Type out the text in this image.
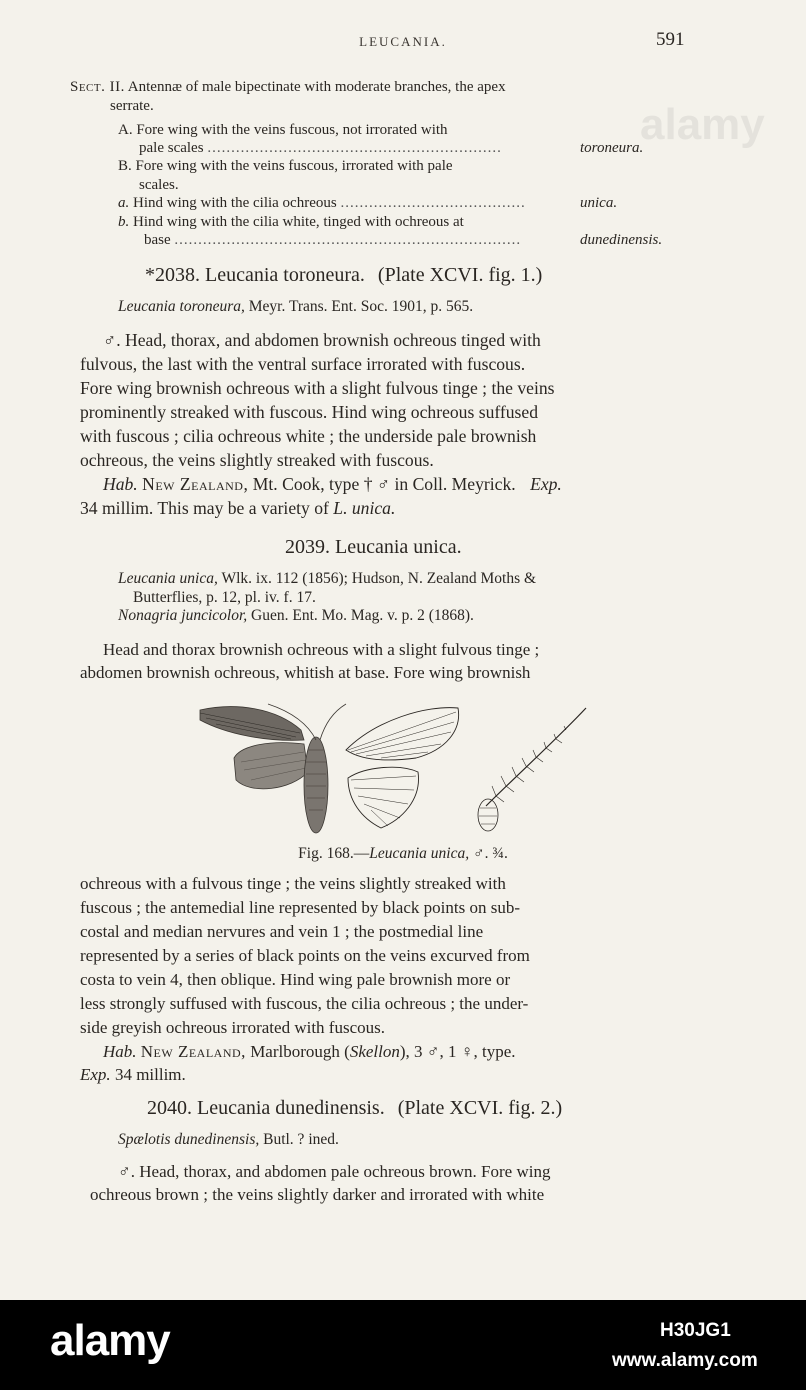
LEUCANIA.	591
Sect. II. Antennæ of male bipectinate with moderate branches, the apex
serrate.
A. Fore wing with the veins fuscous, not irrorated with
pale scales ..............................................................	toroneura.
B. Fore wing with the veins fuscous, irrorated with pale
scales.
a. Hind wing with the cilia ochreous .......................................	unica.
b. Hind wing with the cilia white, tinged with ochreous at
base .........................................................................	dunedinensis.
*2038. Leucania toroneura. (Plate XCVI. fig. 1.)
Leucania toroneura, Meyr. Trans. Ent. Soc. 1901, p. 565.
♂. Head, thorax, and abdomen brownish ochreous tinged with
fulvous, the last with the ventral surface irrorated with fuscous.
Fore wing brownish ochreous with a slight fulvous tinge ; the veins
prominently streaked with fuscous. Hind wing ochreous suffused
with fuscous ; cilia ochreous white ; the underside pale brownish
ochreous, the veins slightly streaked with fuscous.
Hab. New Zealand, Mt. Cook, type † ♂ in Coll. Meyrick. Exp.
34 millim. This may be a variety of L. unica.
2039. Leucania unica.
Leucania unica, Wlk. ix. 112 (1856); Hudson, N. Zealand Moths &
Butterflies, p. 12, pl. iv. f. 17.
Nonagria juncicolor, Guen. Ent. Mo. Mag. v. p. 2 (1868).
Head and thorax brownish ochreous with a slight fulvous tinge ;
abdomen brownish ochreous, whitish at base. Fore wing brownish
Fig. 168.—Leucania unica, ♂. ¾.
ochreous with a fulvous tinge ; the veins slightly streaked with
fuscous ; the antemedial line represented by black points on sub-
costal and median nervures and vein 1 ; the postmedial line
represented by a series of black points on the veins excurved from
costa to vein 4, then oblique. Hind wing pale brownish more or
less strongly suffused with fuscous, the cilia ochreous ; the under-
side greyish ochreous irrorated with fuscous.
Hab. New Zealand, Marlborough (Skellon), 3 ♂, 1 ♀, type.
Exp. 34 millim.
2040. Leucania dunedinensis. (Plate XCVI. fig. 2.)
Spælotis dunedinensis, Butl. ? ined.
♂. Head, thorax, and abdomen pale ochreous brown. Fore wing
ochreous brown ; the veins slightly darker and irrorated with white
alamy
alamy	H30JG1
www.alamy.com
